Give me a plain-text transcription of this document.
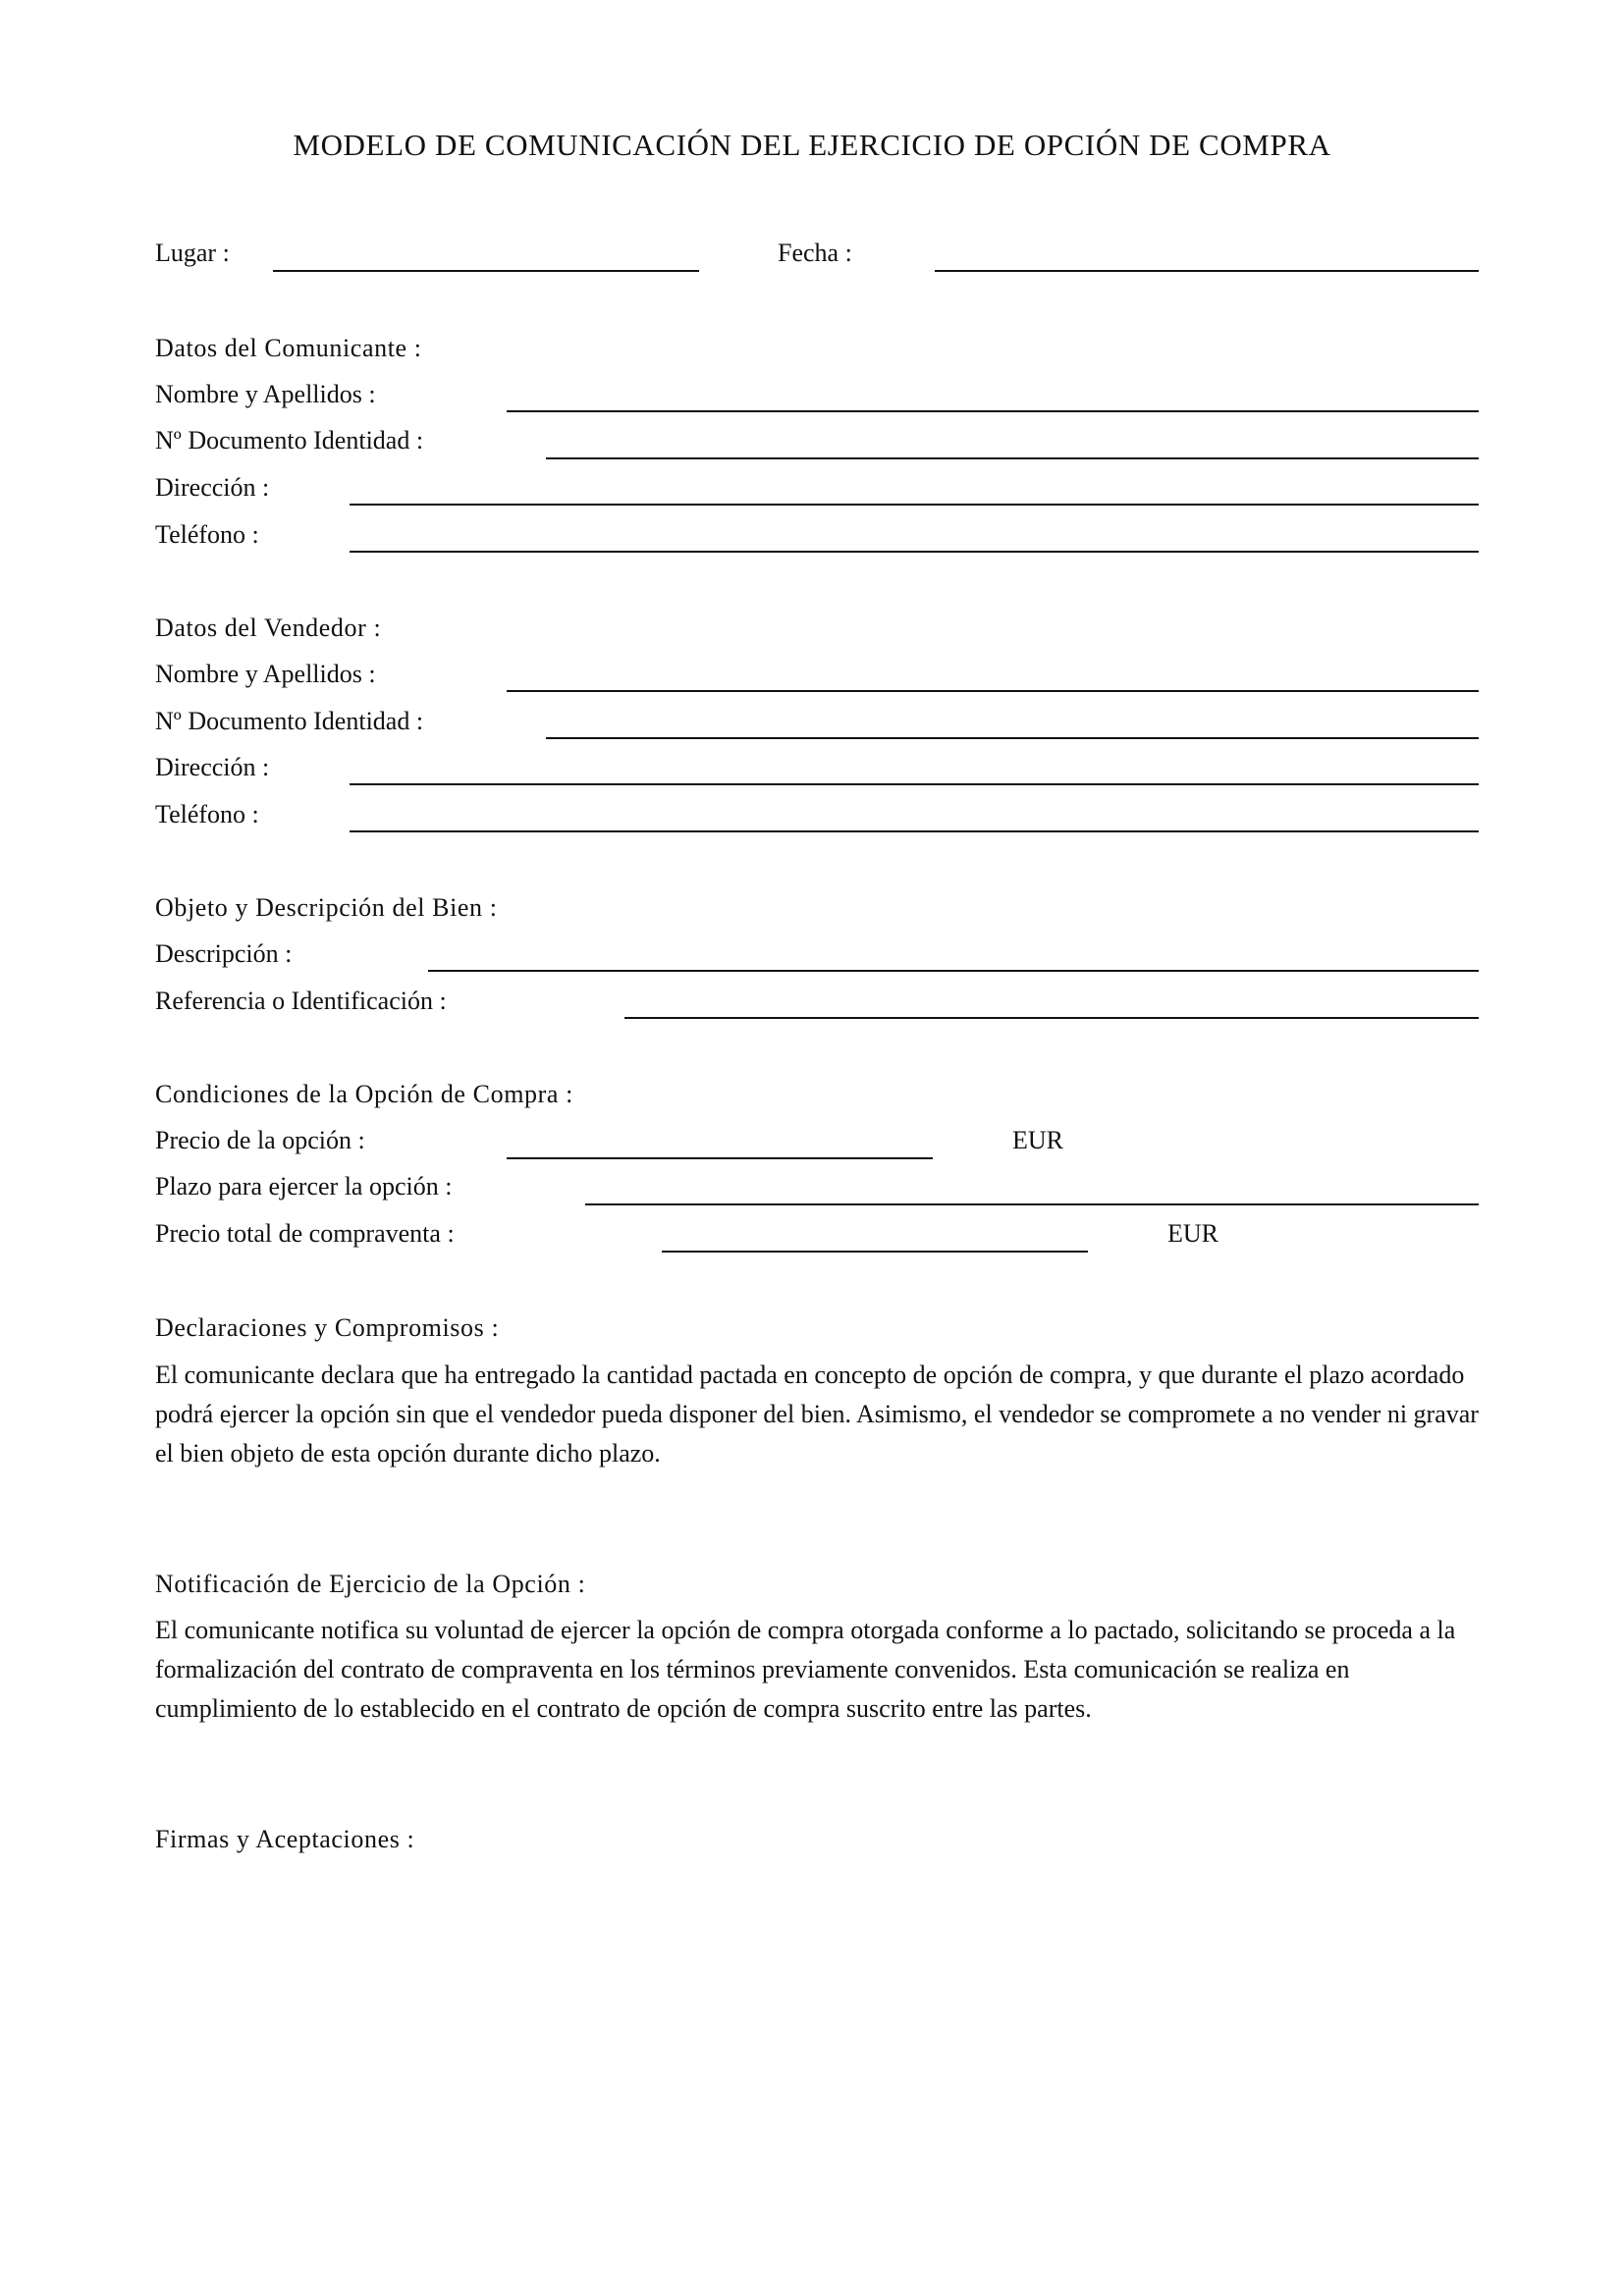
MODELO DE COMUNICACIÓN DEL EJERCICIO DE OPCIÓN DE COMPRA
Lugar :	Fecha :
Datos del Comunicante :
Nombre y Apellidos :
Nº Documento Identidad :
Dirección :
Teléfono :
Datos del Vendedor :
Nombre y Apellidos :
Nº Documento Identidad :
Dirección :
Teléfono :
Objeto y Descripción del Bien :
Descripción :
Referencia o Identificación :
Condiciones de la Opción de Compra :
Precio de la opción :	EUR
Plazo para ejercer la opción :
Precio total de compraventa :	EUR
Declaraciones y Compromisos :
El comunicante declara que ha entregado la cantidad pactada en concepto de opción de compra, y que durante el plazo acordado podrá ejercer la opción sin que el vendedor pueda disponer del bien. Asimismo, el vendedor se compromete a no vender ni gravar el bien objeto de esta opción durante dicho plazo.
Notificación de Ejercicio de la Opción :
El comunicante notifica su voluntad de ejercer la opción de compra otorgada conforme a lo pactado, solicitando se proceda a la formalización del contrato de compraventa en los términos previamente convenidos. Esta comunicación se realiza en cumplimiento de lo establecido en el contrato de opción de compra suscrito entre las partes.
Firmas y Aceptaciones :
